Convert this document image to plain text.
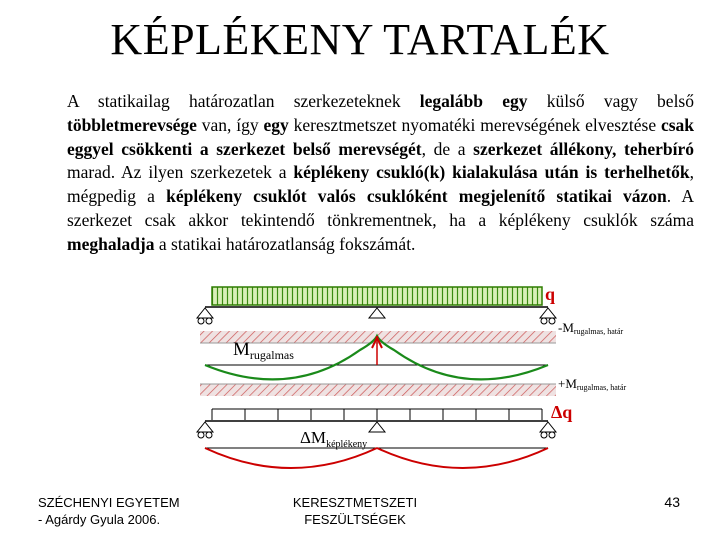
KÉPLÉKENY TARTALÉK
A statikailag határozatlan szerkezeteknek legalább egy külső vagy belső többletmerevsége van, így egy keresztmetszet nyomatéki merevségének elvesztése csak eggyel csökkenti a szerkezet belső merevségét, de a szerkezet állékony, teherbíró marad. Az ilyen szerkezetek a képlékeny csukló(k) kialakulása után is terhelhetők, mégpedig a képlékeny csuklót valós csuklóként megjelenítő statikai vázon. A szerkezet csak akkor tekintendő tönkrementnek, ha a képlékeny csuklók száma meghaladja a statikai határozatlanság fokszámát.
q
-Mrugalmas, határ
$M_{rugalmas}$
+Mrugalmas, határ
Δq
$\Delta M_{képlékeny}$
SZÉCHENYI EGYETEM
- Agárdy Gyula 2006.
KERESZTMETSZETI
FESZÜLTSÉGEK
43
